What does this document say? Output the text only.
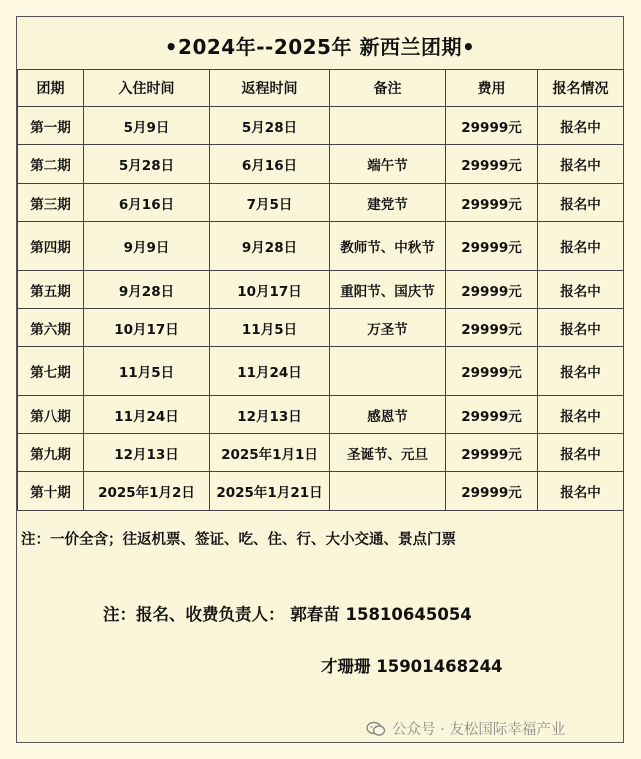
•2024年--2025年 新西兰团期•
团期	入住时间	返程时间	备注	费用	报名情况
第一期	5月9日	5月28日		29999元	报名中
第二期	5月28日	6月16日	端午节	29999元	报名中
第三期	6月16日	7月5日	建党节	29999元	报名中
第四期	9月9日	9月28日	教师节、中秋节	29999元	报名中
第五期	9月28日	10月17日	重阳节、国庆节	29999元	报名中
第六期	10月17日	11月5日	万圣节	29999元	报名中
第七期	11月5日	11月24日		29999元	报名中
第八期	11月24日	12月13日	感恩节	29999元	报名中
第九期	12月13日	2025年1月1日	圣诞节、元旦	29999元	报名中
第十期	2025年1月2日	2025年1月21日		29999元	报名中
注：一价全含；往返机票、签证、吃、住、行、大小交通、景点门票
注：报名、收费负责人： 郭春苗 15810645054
才珊珊 15901468244
公众号 · 友松国际幸福产业
